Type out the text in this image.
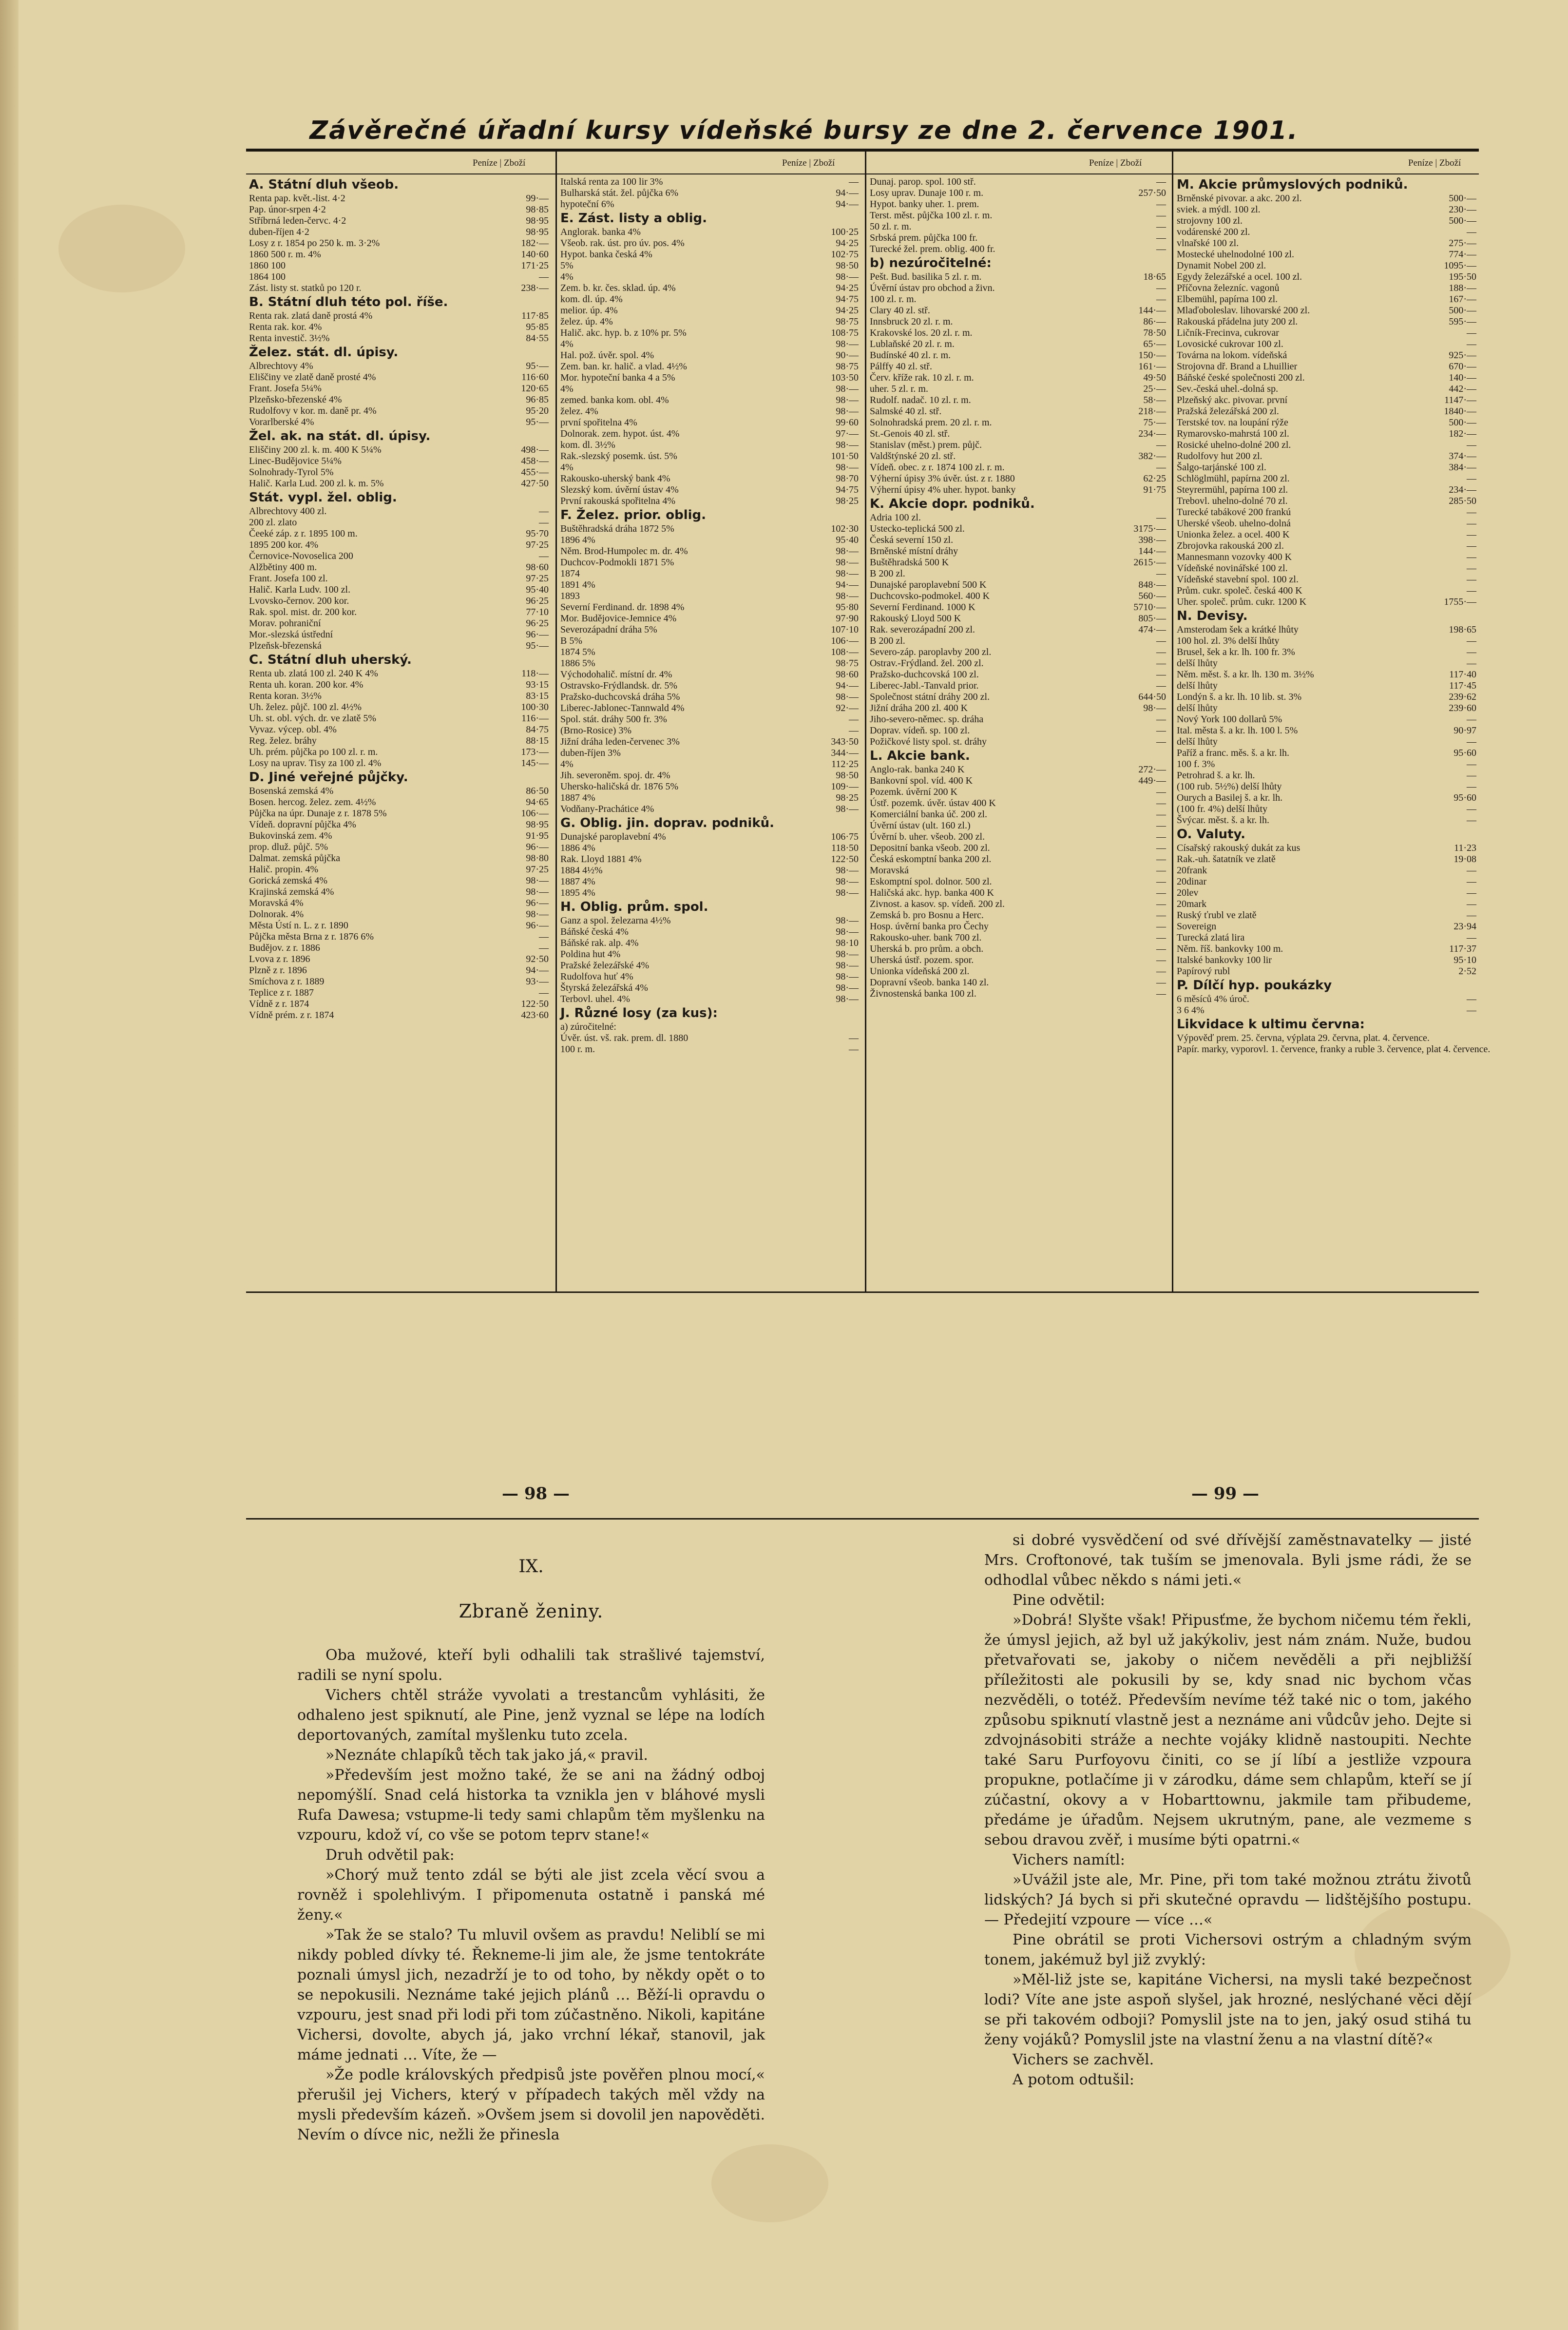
Závěrečné úřadní kursy vídeňské bursy ze dne 2. července 1901.
Peníze | Zboží	Peníze | Zboží	Peníze | Zboží	Peníze | Zboží
A. Státní dluh všeob.
Renta pap. květ.-list. 4·2	99·—
Pap. únor-srpen 4·2	98·85
Stříbrná leden-červc. 4·2	98·95
duben-říjen 4·2	98·95
Losy z r. 1854 po 250 k. m. 3·2%	182·—
1860 500 r. m. 4%	140·60
1860 100	171·25
1864 100	—
Zást. listy st. statků po 120 r.	238·—
B. Státní dluh této pol. říše.
Renta rak. zlatá daně prostá 4%	117·85
Renta rak. kor. 4%	95·85
Renta investič. 3½%	84·55
Želez. stát. dl. úpisy.
Albrechtovy 4%	95·—
Eliščiny ve zlatě daně prosté 4%	116·60
Frant. Josefa 5¼%	120·65
Plzeňsko-březenské 4%	96·85
Rudolfovy v kor. m. daně pr. 4%	95·20
Vorarlberské 4%	95·—
Žel. ak. na stát. dl. úpisy.
Eliščiny 200 zl. k. m. 400 K 5¼%	498·—
Linec-Budějovice 5¼%	458·—
Solnohrady-Tyrol 5%	455·—
Halič. Karla Lud. 200 zl. k. m. 5%	427·50
Stát. vypl. žel. oblig.
Albrechtovy 400 zl.	—
200 zl. zlato	—
Čeeké záp. z r. 1895 100 m.	95·70
1895 200 kor. 4%	97·25
Černovice-Novoselica 200	—
Alžbětiny 400 m.	98·60
Frant. Josefa 100 zl.	97·25
Halič. Karla Ludv. 100 zl.	95·40
Lvovsko-černov. 200 kor.	96·25
Rak. spol. mist. dr. 200 kor.	77·10
Morav. pohraniční	96·25
Mor.-slezská ústřední	96·—
Plzeňsk-březenská	95·—
C. Státní dluh uherský.
Renta ub. zlatá 100 zl. 240 K 4%	118·—
Renta uh. koran. 200 kor. 4%	93·15
Renta koran. 3½%	83·15
Uh. želez. půjč. 100 zl. 4½%	100·30
Uh. st. obl. vých. dr. ve zlatě 5%	116·—
Vyvaz. výcep. obl. 4%	84·75
Reg. želez. bráhy	88·15
Uh. prém. půjčka po 100 zl. r. m.	173·—
Losy na uprav. Tisy za 100 zl. 4%	145·—
D. Jiné veřejné půjčky.
Bosenská zemská 4%	86·50
Bosen. hercog. želez. zem. 4½%	94·65
Půjčka na úpr. Dunaje z r. 1878 5%	106·—
Vídeň. dopravní půjčka 4%	98·95
Bukovinská zem. 4%	91·95
prop. dluž. půjč. 5%	96·—
Dalmat. zemská půjčka	98·80
Halič. propin. 4%	97·25
Gorická zemská 4%	98·—
Krajinská zemská 4%	98·—
Moravská 4%	96·—
Dolnorak. 4%	98·—
Města Ústí n. L. z r. 1890	96·—
Půjčka města Brna z r. 1876 6%	—
Budějov. z r. 1886	—
Lvova z r. 1896	92·50
Plzně z r. 1896	94·—
Smíchova z r. 1889	93·—
Teplice z r. 1887	—
Vídně z r. 1874	122·50
Vídně prém. z r. 1874	423·60
Italská renta za 100 lir 3%	—
Bulharská stát. žel. půjčka 6%	94·—
hypoteční 6%	94·—
E. Zást. listy a oblig.
Anglorak. banka 4%	100·25
Všeob. rak. úst. pro úv. pos. 4%	94·25
Hypot. banka česká 4%	102·75
5%	98·50
4%	98·—
Zem. b. kr. čes. sklad. úp. 4%	94·25
kom. dl. úp. 4%	94·75
melior. úp. 4%	94·25
želez. úp. 4%	98·75
Halič. akc. hyp. b. z 10% pr. 5%	108·75
4%	98·—
Hal. pož. úvěr. spol. 4%	90·—
Zem. ban. kr. halič. a vlad. 4½%	98·75
Mor. hypoteční banka 4 a 5%	103·50
4%	98·—
zemed. banka kom. obl. 4%	98·—
želez. 4%	98·—
první spořitelna 4%	99·60
Dolnorak. zem. hypot. úst. 4%	97·—
kom. dl. 3½%	98·—
Rak.-slezský posemk. úst. 5%	101·50
4%	98·—
Rakousko-uherský bank 4%	98·70
Slezský kom. úvěrní ústav 4%	94·75
První rakouská spořitelna 4%	98·25
F. Želez. prior. oblig.
Buštěhradská dráha 1872 5%	102·30
1896 4%	95·40
Něm. Brod-Humpolec m. dr. 4%	98·—
Duchcov-Podmokli 1871 5%	98·—
1874	98·—
1891 4%	94·—
1893	98·—
Severní Ferdinand. dr. 1898 4%	95·80
Mor. Budějovice-Jemnice 4%	97·90
Severozápadní dráha 5%	107·10
B 5%	106·—
1874 5%	108·—
1886 5%	98·75
Východohalič. místní dr. 4%	98·60
Ostravsko-Frýdlandsk. dr. 5%	94·—
Pražsko-duchcovská dráha 5%	98·—
Liberec-Jablonec-Tannwald 4%	92·—
Spol. stát. dráhy 500 fr. 3%	—
(Brno-Rosice) 3%	—
Jižní dráha leden-červenec 3%	343·50
duben-říjen 3%	344·—
4%	112·25
Jih. severoněm. spoj. dr. 4%	98·50
Uhersko-haličská dr. 1876 5%	109·—
1887 4%	98·25
Vodňany-Pracháticе 4%	98·—
G. Oblig. jin. doprav. podniků.
Dunajské paroplavební 4%	106·75
1886 4%	118·50
Rak. Lloyd 1881 4%	122·50
1884 4½%	98·—
1887 4%	98·—
1895 4%	98·—
H. Oblig. prům. spol.
Ganz a spol. železarna 4½%	98·—
Báňské česká 4%	98·—
Báňské rak. alp. 4%	98·10
Poldina hut 4%	98·—
Pražské železářské 4%	98·—
Rudolfova huť 4%	98·—
Štyrská železářská 4%	98·—
Terbovl. uhel. 4%	98·—
J. Různé losy (za kus):
a) zúročitelné:
Úvěr. úst. vš. rak. prem. dl. 1880	—
100 r. m.	—
Dunaj. parop. spol. 100 stř.	—
Losy uprav. Dunaje 100 r. m.	257·50
Hypot. banky uher. 1. prem.	—
Terst. měst. půjčka 100 zl. r. m.	—
50 zl. r. m.	—
Srbská prem. půjčka 100 fr.	—
Turecké žel. prem. oblig. 400 fr.	—
b) nezúročitelné:
Pešt. Bud. basilika 5 zl. r. m.	18·65
Úvěrní ústav pro obchod a živn.	—
100 zl. r. m.	—
Clary 40 zl. stř.	144·—
Innsbruck 20 zl. r. m.	86·—
Krakovské los. 20 zl. r. m.	78·50
Lublaňské 20 zl. r. m.	65·—
Budínské 40 zl. r. m.	150·—
Pálffy 40 zl. stř.	161·—
Červ. kříže rak. 10 zl. r. m.	49·50
uher. 5 zl. r. m.	25·—
Rudolf. nadač. 10 zl. r. m.	58·—
Salmské 40 zl. stř.	218·—
Solnohradská prem. 20 zl. r. m.	75·—
St.-Genois 40 zl. stř.	234·—
Stanislav (měst.) prem. půjč.	—
Valdštýnské 20 zl. stř.	382·—
Vídeň. obec. z r. 1874 100 zl. r. m.	—
Výherní úpisy 3% úvěr. úst. z r. 1880	62·25
Výherní úpisy 4% uher. hypot. banky	91·75
K. Akcie dopr. podniků.
Adria 100 zl.	—
Ustecko-teplická 500 zl.	3175·—
Česká severní 150 zl.	398·—
Brněnské místní dráhy	144·—
Buštěhradská 500 K	2615·—
B 200 zl.	—
Dunajské paroplavební 500 K	848·—
Duchcovsko-podmokel. 400 K	560·—
Severní Ferdinand. 1000 K	5710·—
Rakouský Lloyd 500 K	805·—
Rak. severozápadní 200 zl.	474·—
B 200 zl.	—
Severo-záp. paroplavby 200 zl.	—
Ostrav.-Frýdland. žel. 200 zl.	—
Pražsko-duchcovská 100 zl.	—
Liberec-Jabl.-Tanvald prior.	—
Společnost státní dráhy 200 zl.	644·50
Jižní dráha 200 zl. 400 K	98·—
Jiho-severo-němec. sp. dráha	—
Doprav. vídeň. sp. 100 zl.	—
Požičkové listy spol. st. dráhy	—
L. Akcie bank.
Anglo-rak. banka 240 K	272·—
Bankovní spol. víd. 400 K	449·—
Pozemk. úvěrní 200 K	—
Ústř. pozemk. úvěr. ústav 400 K	—
Komerciální banka úč. 200 zl.	—
Úvěrní ústav (ult. 160 zl.)	—
Úvěrní b. uher. všeob. 200 zl.	—
Depositní banka všeob. 200 zl.	—
Česká eskomptní banka 200 zl.	—
Moravská	—
Eskomptní spol. dolnor. 500 zl.	—
Haličská akc. hyp. banka 400 K	—
Zivnost. a kasov. sp. vídeň. 200 zl.	—
Zemská b. pro Bosnu a Herc.	—
Hosp. úvěrní banka pro Čechy	—
Rakousko-uher. bank 700 zl.	—
Uherská b. pro prům. a obch.	—
Uherská ústř. pozem. spor.	—
Unionka vídeňská 200 zl.	—
Dopravní všeob. banka 140 zl.	—
Živnostenská banka 100 zl.	—
M. Akcie průmyslových podniků.
Brněnské pivovar. a akc. 200 zl.	500·—
sviek. a mýdl. 100 zl.	230·—
strojovny 100 zl.	500·—
vodárenské 200 zl.	—
vlnařské 100 zl.	275·—
Mostecké uhelnodolné 100 zl.	774·—
Dynamit Nobel 200 zl.	1095·—
Egydy železářské a ocel. 100 zl.	195·50
Příčovna železníc. vagonů	188·—
Elbemühl, papírna 100 zl.	167·—
Mlaďoboleslav. lihovarské 200 zl.	500·—
Rakouská přádelna juty 200 zl.	595·—
Ličník-Frecinva, cukrovar	—
Lovosické cukrovar 100 zl.	—
Továrna na lokom. vídeňská	925·—
Strojovna dř. Brand a Lhuillier	670·—
Báňské české společnosti 200 zl.	140·—
Sev.-česká uhel.-dolná sp.	442·—
Plzeňský akc. pivovar. první	1147·—
Pražská železářská 200 zl.	1840·—
Terstské tov. na loupání rýže	500·—
Rymarovsko-mahrstá 100 zl.	182·—
Rosické uhelno-dolné 200 zl.	—
Rudolfovy hut 200 zl.	374·—
Šalgo-tarjánské 100 zl.	384·—
Schlöglmühl, papírna 200 zl.	—
Steyrermühl, papírna 100 zl.	234·—
Trebovl. uhelno-dolné 70 zl.	285·50
Turecké tabákové 200 frankú	—
Uherské všeob. uhelno-dolná	—
Unionka želez. a ocel. 400 K	—
Zbrojovka rakouská 200 zl.	—
Mannesmann vozovky 400 K	—
Vídeňské novinářské 100 zl.	—
Vídeňské stavební spol. 100 zl.	—
Prům. cukr. společ. česká 400 K	—
Uher. společ. prům. cukr. 1200 K	1755·—
N. Devisy.
Amsterodam šek a krátké lhůty	198·65
100 hol. zl. 3% delší lhůty	—
Brusel, šek a kr. lh. 100 fr. 3%	—
delší lhůty	—
Něm. měst. š. a kr. lh. 130 m. 3½%	117·40
delší lhůty	117·45
Londýn š. a kr. lh. 10 lib. st. 3%	239·62
delší lhůty	239·60
Nový York 100 dollarů 5%	—
Ital. města š. a kr. lh. 100 l. 5%	90·97
delší lhůty	—
Paříž a franc. měs. š. a kr. lh.	95·60
100 f. 3%	—
Petrohrad š. a kr. lh.	—
(100 rub. 5½%) delší lhůty	—
Ourych a Basilej š. a kr. lh.	95·60
(100 fr. 4%) delší lhůty	—
Švýcar. měst. š. a kr. lh.	—
O. Valuty.
Císařský rakouský dukát za kus	11·23
Rak.-uh. šatatník ve zlatě	19·08
20frank	—
20dinar	—
20lev	—
20mark	—
Ruský ťrubl ve zlatě	—
Sovereign	23·94
Turecká zlatá lira	—
Něm. říš. bankovky 100 m.	117·37
Italské bankovky 100 lir	95·10
Papírový rubl	2·52
P. Dílčí hyp. poukázky
6 měsíců 4% úroč.	—
3 6 4%	—
Likvidace k ultimu června:
Výpověď prem. 25. června, výplata 29. června, plat. 4. července.
Papír. marky, vyporovl. 1. července, franky a ruble 3. července, plat 4. července.
— 98 —	— 99 —
IX.
Zbraně ženiny.

Oba mužové, kteří byli odhalili tak strašlivé tajemství, radili se nyní spolu.

Vichers chtěl stráže vyvolati a trestancům vyhlásiti, že odhaleno jest spiknutí, ale Pine, jenž vyznal se lépe na lodích deportovaných, zamítal myšlenku tuto zcela.

»Neznáte chlapíků těch tak jako já,« pravil.

»Především jest možno také, že se ani na žádný odboj nepomýšlí. Snad celá historka ta vznikla jen v bláhové mysli Rufa Dawesa; vstupme-li tedy sami chlapům těm myšlenku na vzpouru, kdož ví, co vše se potom teprv stane!«

Druh odvětil pak:

»Chorý muž tento zdál se býti ale jist zcela věcí svou a rovněž i spolehlivým. I připomenuta ostatně i panská mé ženy.«

»Tak že se stalo? Tu mluvil ovšem as pravdu! Neliblí se mi nikdy pobled dívky té. Řekneme-li jim ale, že jsme tentokráte poznali úmysl jich, nezadrží je to od toho, by někdy opět o to se nepokusili. Neznáme také jejich plánů … Běží-li opravdu o vzpouru, jest snad při lodi při tom zúčastněno. Nikoli, kapitáne Vichersi, dovolte, abych já, jako vrchní lékař, stanovil, jak máme jednati … Víte, že —

»Že podle královských předpisů jste pověřen plnou mocí,« přerušil jej Vichers, který v případech takých měl vždy na mysli především kázeň. »Ovšem jsem si dovolil jen napověděti. Nevím o dívce nic, nežli že přinesla

si dobré vysvědčení od své dřívější zaměstnavatelky — jisté Mrs. Croftonové, tak tuším se jmenovala. Byli jsme rádi, že se odhodlal vůbec někdo s námi jeti.«

Pine odvětil:

»Dobrá! Slyšte však! Připusťme, že bychom ničemu tém řekli, že úmysl jejich, až byl už jakýkoliv, jest nám znám. Nuže, budou přetvařovati se, jakoby o ničem nevěděli a při nejbližší příležitosti ale pokusili by se, kdy snad nic bychom včas nezvěděli, o totéž. Především nevíme též také nic o tom, jakého způsobu spiknutí vlastně jest a neznáme ani vůdcův jeho. Dejte si zdvojnásobiti stráže a nechte vojáky klidně nastoupiti. Nechte také Saru Purfoyovu činiti, co se jí líbí a jestliže vzpoura propukne, potlačíme ji v zárodku, dáme sem chlapům, kteří se jí zúčastní, okovy a v Hobarttownu, jakmile tam přibudeme, předáme je úřadům. Nejsem ukrutným, pane, ale vezmeme s sebou dravou zvěř, i musíme býti opatrni.«

Vichers namítl:

»Uvážil jste ale, Mr. Pine, při tom také možnou ztrátu životů lidských? Já bych si při skutečné opravdu — lidštějšího postupu. — Předejití vzpoure — více …«

Pine obrátil se proti Vichersovi ostrým a chladným svým tonem, jakémuž byl již zvyklý:

»Měl-liž jste se, kapitáne Vichersi, na mysli také bezpečnost lodi? Víte ane jste aspoň slyšel, jak hrozné, neslýchané věci dějí se při takovém odboji? Pomyslil jste na to jen, jaký osud stihá tu ženy vojáků? Pomyslil jste na vlastní ženu a na vlastní dítě?«

Vichers se zachvěl.

A potom odtušil:
